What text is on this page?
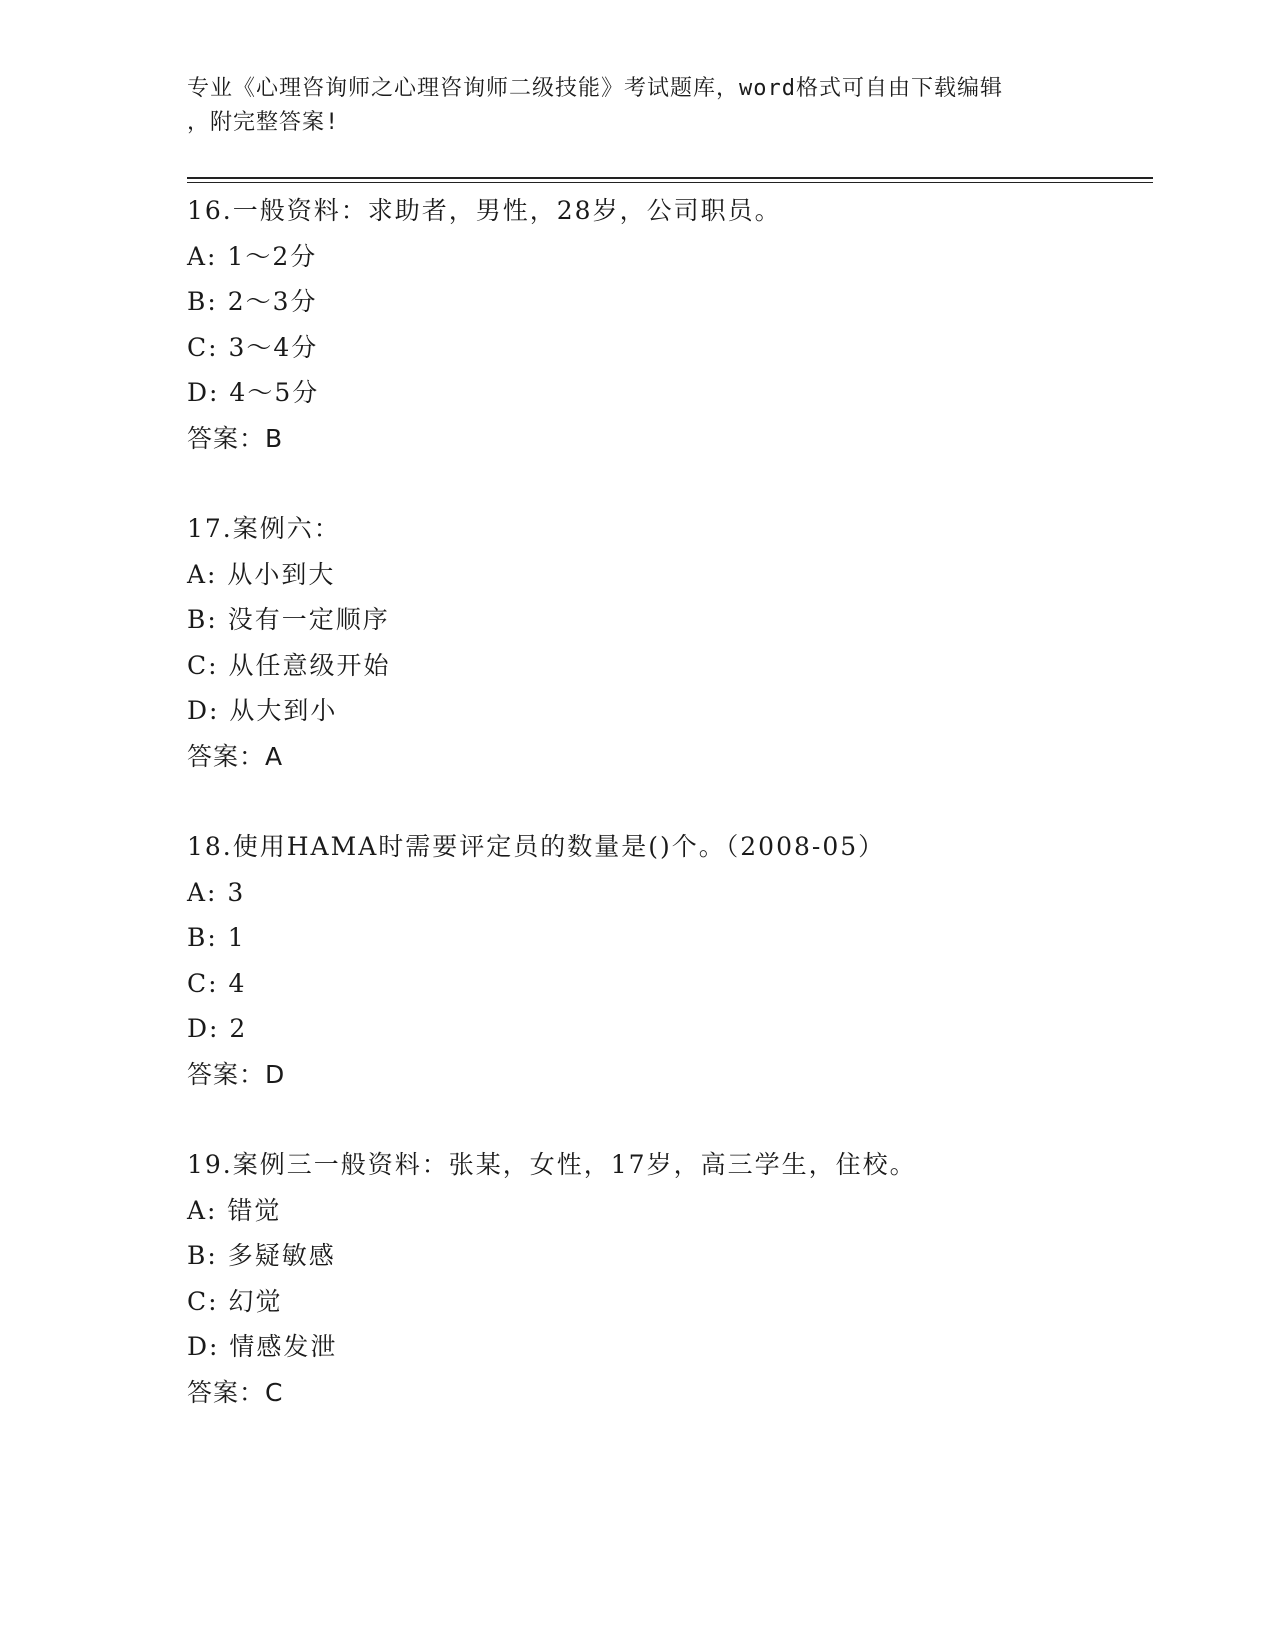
专业《心理咨询师之心理咨询师二级技能》考试题库，word格式可自由下载编辑
，附完整答案!
16.一般资料：求助者，男性，28岁，公司职员。
A: 1～2分
B: 2～3分
C: 3～4分
D: 4～5分
答案：B
17.案例六：
A: 从小到大
B: 没有一定顺序
C: 从任意级开始
D: 从大到小
答案：A
18.使用HAMA时需要评定员的数量是()个。（2008-05）
A: 3
B: 1
C: 4
D: 2
答案：D
19.案例三一般资料：张某，女性，17岁，高三学生，住校。
A: 错觉
B: 多疑敏感
C: 幻觉
D: 情感发泄
答案：C
